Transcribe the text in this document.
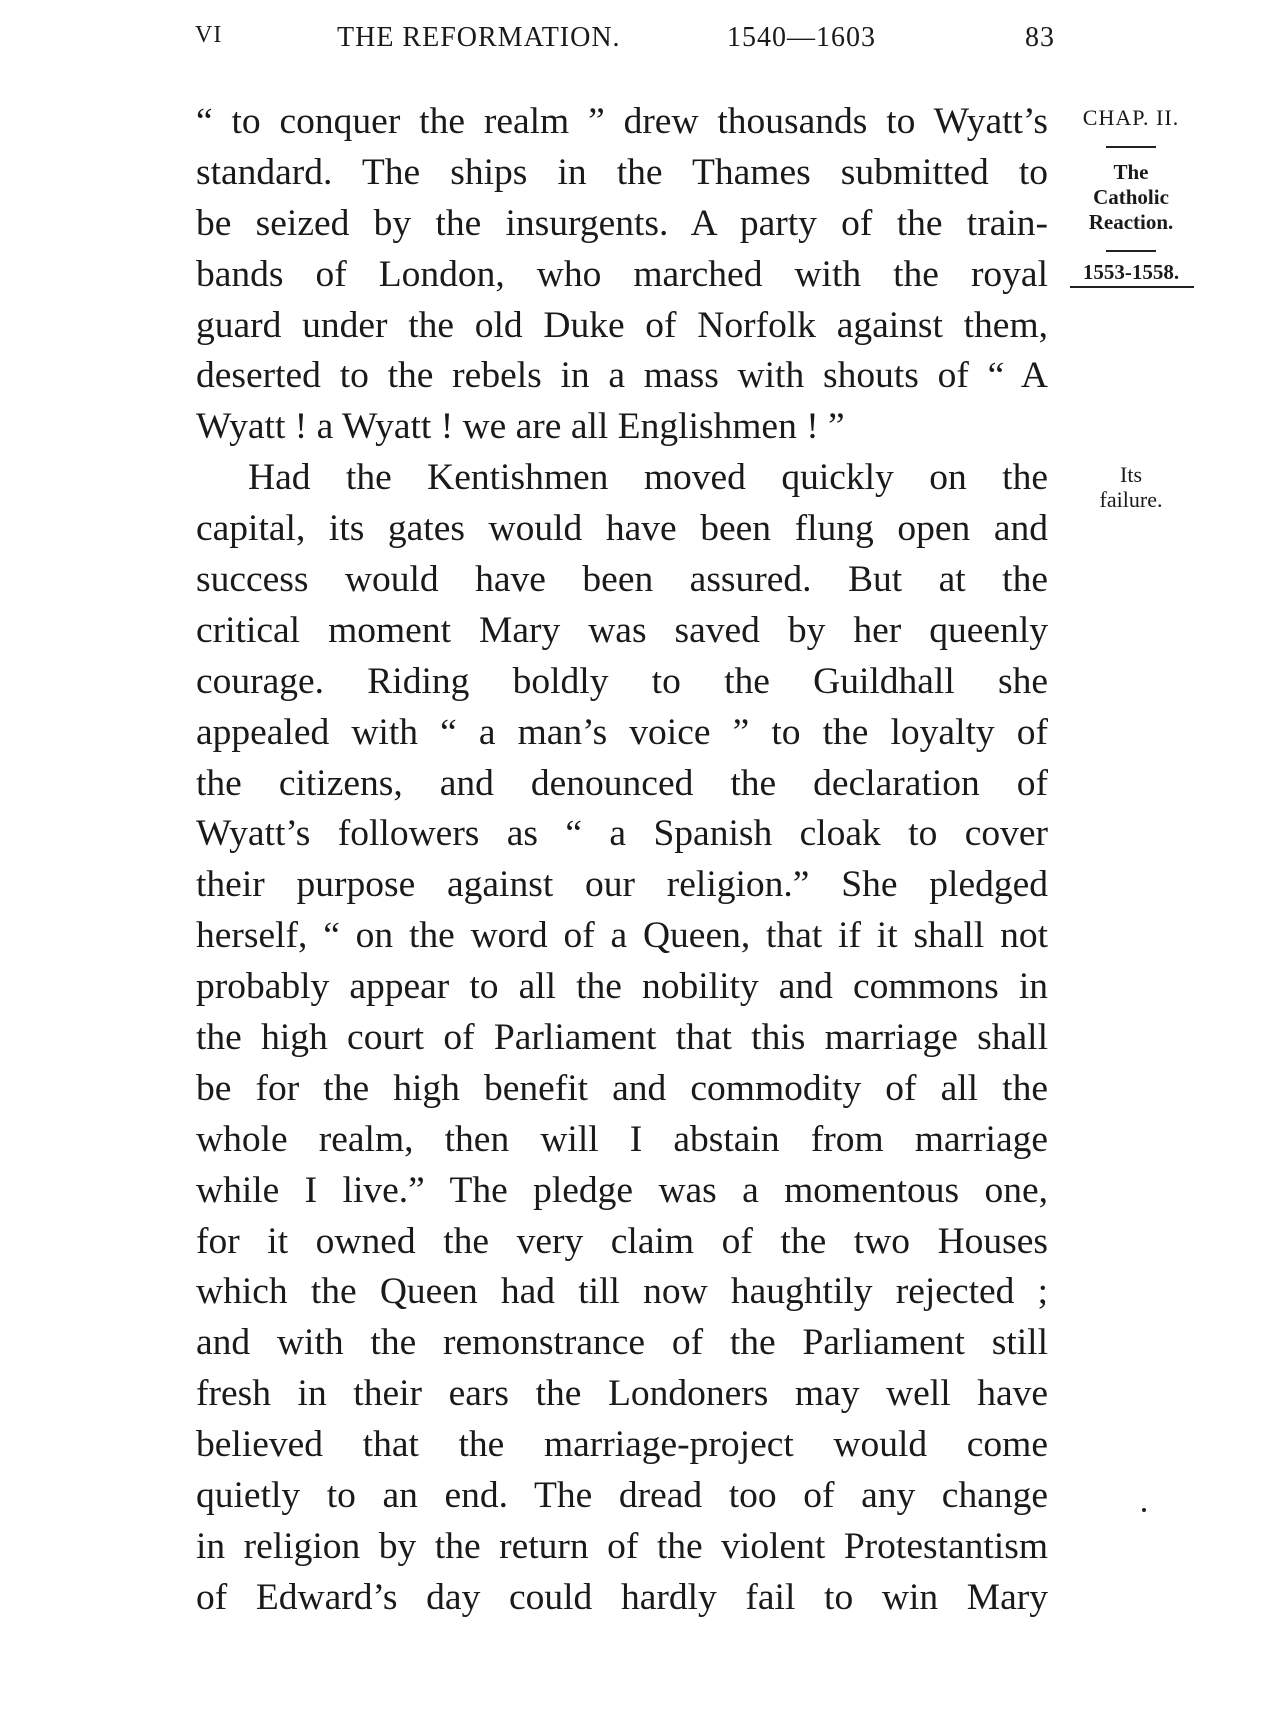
VI	THE REFORMATION.	1540—1603	83
“ to conquer the realm ” drew thousands to Wyatt’s
standard. The ships in the Thames submitted to
be seized by the insurgents. A party of the train-
bands of London, who marched with the royal
guard under the old Duke of Norfolk against them,
deserted to the rebels in a mass with shouts of “ A
Wyatt ! a Wyatt ! we are all Englishmen ! ”
Had the Kentishmen moved quickly on the
capital, its gates would have been flung open and
success would have been assured. But at the
critical moment Mary was saved by her queenly
courage. Riding boldly to the Guildhall she
appealed with “ a man’s voice ” to the loyalty of
the citizens, and denounced the declaration of
Wyatt’s followers as “ a Spanish cloak to cover
their purpose against our religion.” She pledged
herself, “ on the word of a Queen, that if it shall not
probably appear to all the nobility and commons in
the high court of Parliament that this marriage shall
be for the high benefit and commodity of all the
whole realm, then will I abstain from marriage
while I live.” The pledge was a momentous one,
for it owned the very claim of the two Houses
which the Queen had till now haughtily rejected ;
and with the remonstrance of the Parliament still
fresh in their ears the Londoners may well have
believed that the marriage-project would come
quietly to an end. The dread too of any change
in religion by the return of the violent Protestantism
of Edward’s day could hardly fail to win Mary
CHAP. II.
The
Catholic
Reaction.
1553-1558.
Its
failure.
